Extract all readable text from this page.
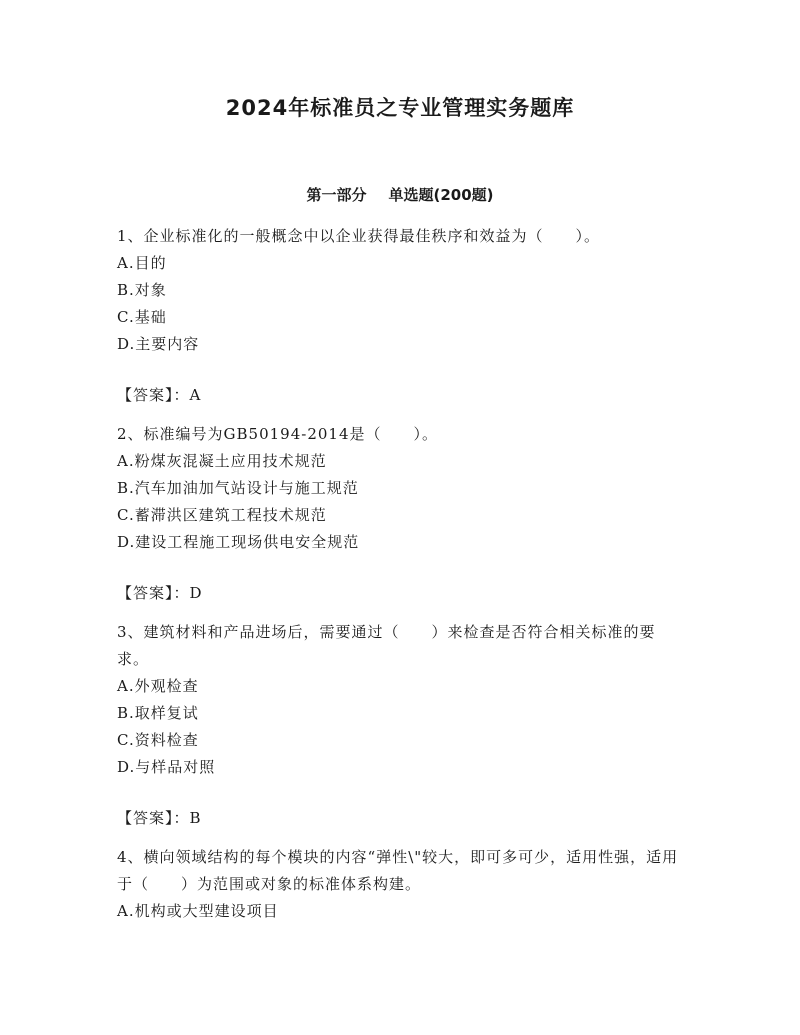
2024年标准员之专业管理实务题库
第一部分 单选题(200题)

1、企业标准化的一般概念中以企业获得最佳秩序和效益为（　　）。

A.目的

B.对象

C.基础

D.主要内容

【答案】：A

2、标准编号为GB50194-2014是（　　）。

A.粉煤灰混凝土应用技术规范

B.汽车加油加气站设计与施工规范

C.蓄滞洪区建筑工程技术规范

D.建设工程施工现场供电安全规范

【答案】：D

3、建筑材料和产品进场后，需要通过（　　）来检查是否符合相关标准的要求。

A.外观检查

B.取样复试

C.资料检查

D.与样品对照

【答案】：B

4、横向领域结构的每个模块的内容“弹性\"较大，即可多可少，适用性强，适用于（　　）为范围或对象的标准体系构建。

A.机构或大型建设项目
